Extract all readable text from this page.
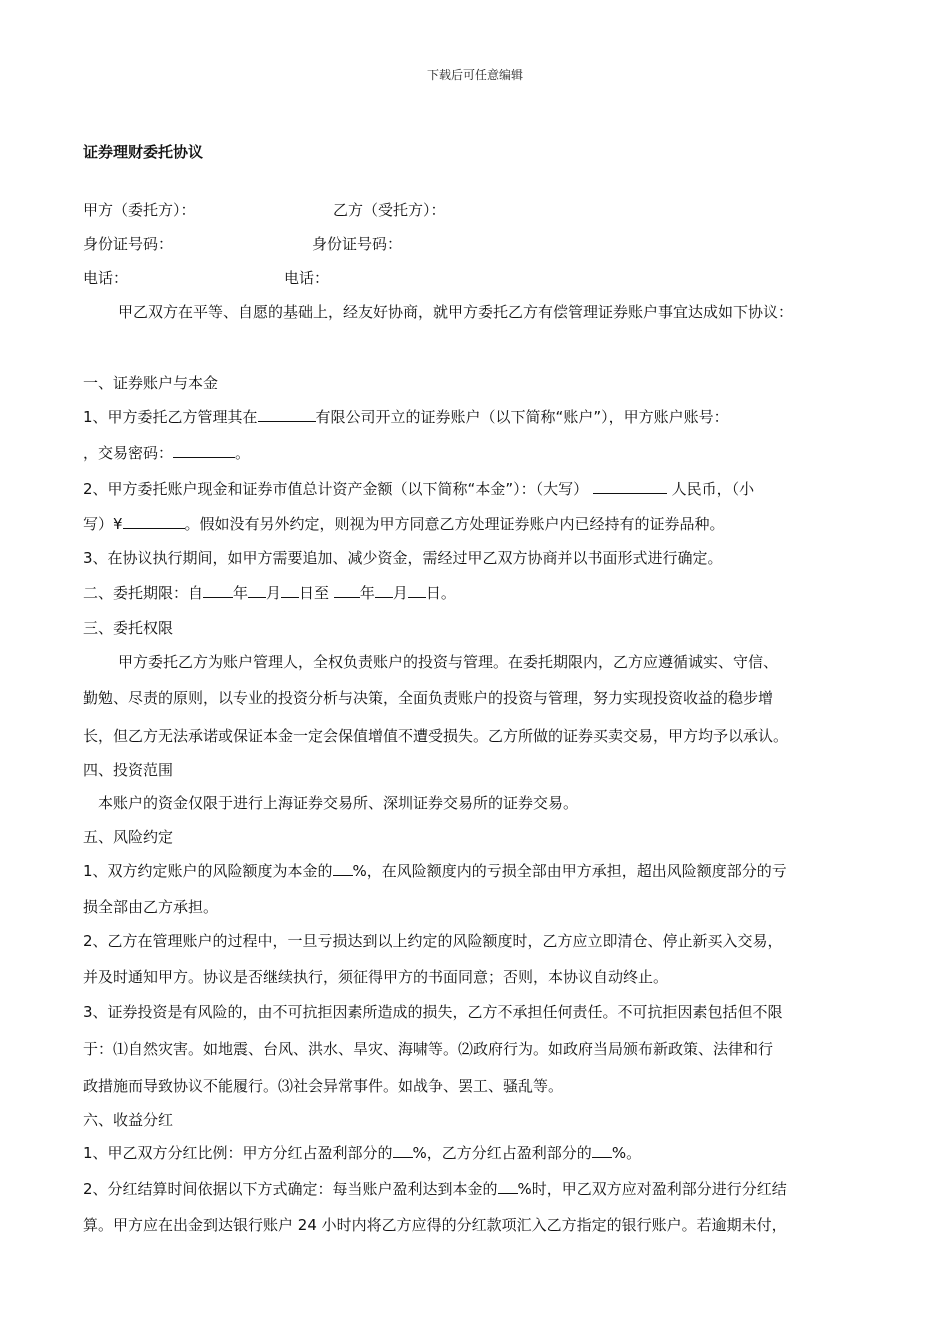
下载后可任意编辑
证券理财委托协议
甲方（委托方）：	乙方（受托方）：
身份证号码：	身份证号码：
电话：	电话：
甲乙双方在平等、自愿的基础上，经友好协商，就甲方委托乙方有偿管理证券账户事宜达成如下协议：
一、证券账户与本金
1、甲方委托乙方管理其在	有限公司开立的证券账户（以下简称“账户”），甲方账户账号：
，交易密码：	。
2、甲方委托账户现金和证券市值总计资产金额（以下简称“本金”）：（大写）	人民币，（小
写）¥	。假如没有另外约定，则视为甲方同意乙方处理证券账户内已经持有的证券品种。
3、在协议执行期间，如甲方需要追加、减少资金，需经过甲乙双方协商并以书面形式进行确定。
二、委托期限：自 年 月 日至 年 月 日。
三、委托权限
甲方委托乙方为账户管理人，全权负责账户的投资与管理。在委托期限内，乙方应遵循诚实、守信、
勤勉、尽责的原则，以专业的投资分析与决策，全面负责账户的投资与管理，努力实现投资收益的稳步增
长，但乙方无法承诺或保证本金一定会保值增值不遭受损失。乙方所做的证券买卖交易，甲方均予以承认。
四、投资范围
本账户的资金仅限于进行上海证券交易所、深圳证券交易所的证券交易。
五、风险约定
1、双方约定账户的风险额度为本金的 %，在风险额度内的亏损全部由甲方承担，超出风险额度部分的亏
损全部由乙方承担。
2、乙方在管理账户的过程中，一旦亏损达到以上约定的风险额度时，乙方应立即清仓、停止新买入交易，
并及时通知甲方。协议是否继续执行，须征得甲方的书面同意；否则，本协议自动终止。
3、证券投资是有风险的，由不可抗拒因素所造成的损失，乙方不承担任何责任。不可抗拒因素包括但不限
于：⑴自然灾害。如地震、台风、洪水、旱灾、海啸等。⑵政府行为。如政府当局颁布新政策、法律和行
政措施而导致协议不能履行。⑶社会异常事件。如战争、罢工、骚乱等。
六、收益分红
1、甲乙双方分红比例：甲方分红占盈利部分的 %，乙方分红占盈利部分的 %。
2、分红结算时间依据以下方式确定：每当账户盈利达到本金的 %时，甲乙双方应对盈利部分进行分红结
算。甲方应在出金到达银行账户 24 小时内将乙方应得的分红款项汇入乙方指定的银行账户。若逾期未付，
